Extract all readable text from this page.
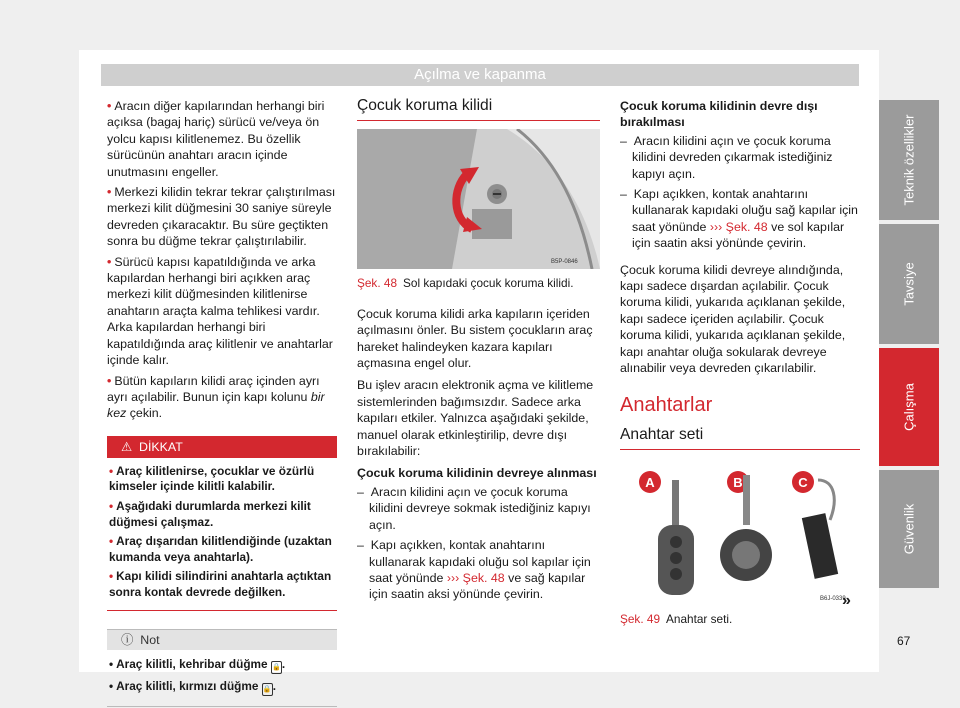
Açılma ve kapanma

• Aracın diğer kapılarından herhangi biri açıksa (bagaj hariç) sürücü ve/veya ön yolcu kapısı kilitlenemez. Bu özellik sürücünün anahtarı aracın içinde unutmasını engeller.

• Merkezi kilidin tekrar tekrar çalıştırılması merkezi kilit düğmesini 30 saniye süreyle devreden çıkaracaktır. Bu süre geçtikten sonra bu düğme tekrar çalıştırılabilir.

• Sürücü kapısı kapatıldığında ve arka kapılardan herhangi biri açıkken araç merkezi kilit düğmesinden kilitlenirse anahtarın araçta kalma tehlikesi vardır. Arka kapılardan herhangi biri kapatıldığında araç kilitlenir ve anahtarlar içinde kalır.

• Bütün kapıların kilidi araç içinden ayrı ayrı açılabilir. Bunun için kapı kolunu bir kez çekin.

⚠ DİKKAT
• Araç kilitlenirse, çocuklar ve özürlü kimseler içinde kilitli kalabilir.
• Aşağıdaki durumlarda merkezi kilit düğmesi çalışmaz.
• Araç dışarıdan kilitlendiğinde (uzaktan kumanda veya anahtarla).
• Kapı kilidi silindirini anahtarla açtıktan sonra kontak devrede değilken.
ⓘ Not
• Araç kilitli, kehribar düğme 🔒.
• Araç kilitli, kırmızı düğme 🔒.
Çocuk koruma kilidi
B5P-0846
Şek. 48 Sol kapıdaki çocuk koruma kilidi.

Çocuk koruma kilidi arka kapıların içeriden açılmasını önler. Bu sistem çocukların araç hareket halindeyken kazara kapıları açmasına engel olur.

Bu işlev aracın elektronik açma ve kilitleme sistemlerinden bağımsızdır. Sadece arka kapıları etkiler. Yalnızca aşağıdaki şekilde, manuel olarak etkinleştirilip, devre dışı bırakılabilir:

Çocuk koruma kilidinin devreye alınması

–  Aracın kilidini açın ve çocuk koruma kilidini devreye sokmak istediğiniz kapıyı açın.
–  Kapı açıkken, kontak anahtarını kullanarak kapıdaki oluğu sol kapılar için saat yönünde ››› Şek. 48 ve sağ kapılar için saatin aksi yönünde çevirin.

Çocuk koruma kilidinin devre dışı bırakılması

–  Aracın kilidini açın ve çocuk koruma kilidini devreden çıkarmak istediğiniz kapıyı açın.
–  Kapı açıkken, kontak anahtarını kullanarak kapıdaki oluğu sağ kapılar için saat yönünde ››› Şek. 48 ve sol kapılar için saatin aksi yönünde çevirin.

Çocuk koruma kilidi devreye alındığında, kapı sadece dışardan açılabilir. Çocuk koruma kilidi, yukarıda açıklanan şekilde, kapı sadece içeriden açılabilir. Çocuk koruma kilidi, yukarıda açıklanan şekilde, kapı anahtar oluğa sokularak devreye alınabilir veya devreden çıkarılabilir.

Anahtarlar
Anahtar seti
A	B	C
B6J-0339
Şek. 49 Anahtar seti.
»
Teknik özellikler
Tavsiye
Çalışma
Güvenlik
67
